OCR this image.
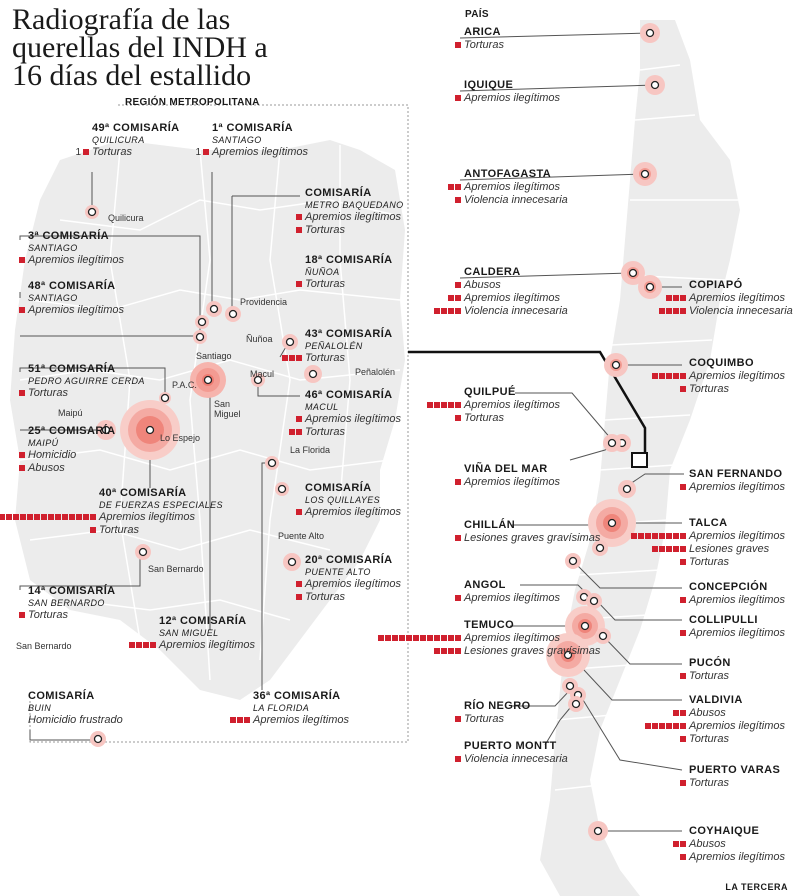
Radiografía de las
querellas del INDH a
16 días del estallido
REGIÓN METROPOLITANA
PAÍS
Quilicura
Providencia
Ñuñoa
Santiago
Macul	Peñalolén
P.A.C.
San Miguel
Maipú
Lo Espejo
La Florida
Puente Alto
San Bernardo
San Bernardo
49ª COMISARÍA
QUILICURA
1 Torturas
1ª COMISARÍA
SANTIAGO
1 Apremios ilegítimos
COMISARÍA
METRO BAQUEDANO
Apremios ilegítimos
Torturas
3ª COMISARÍA
SANTIAGO
Apremios ilegítimos	18ª COMISARÍA
ÑUÑOA
Torturas
48ª COMISARÍA
SANTIAGO
Apremios ilegítimos
43ª COMISARÍA
PEÑALOLÉN
Torturas
51ª COMISARÍA
PEDRO AGUIRRE CERDA
Torturas	46ª COMISARÍA
MACUL
Apremios ilegítimos
Torturas
25ª COMISARÍA
MAIPÚ
Homicidio
Abusos
COMISARÍA
LOS QUILLAYES
Apremios ilegítimos
40ª COMISARÍA
DE FUERZAS ESPECIALES
Apremios ilegítimos
Torturas
20ª COMISARÍA
PUENTE ALTO
Apremios ilegítimos
Torturas
14ª COMISARÍA
SAN BERNARDO
Torturas	12ª COMISARÍA
SAN MIGUEL
Apremios ilegítimos
COMISARÍA
BUIN
Homicidio frustrado
36ª COMISARÍA
LA FLORIDA
Apremios ilegítimos
ARICA
Torturas
IQUIQUE
Apremios ilegítimos
ANTOFAGASTA
Apremios ilegítimos
Violencia innecesaria
CALDERA
Abusos
Apremios ilegítimos
Violencia innecesaria
COPIAPÓ
Apremios ilegítimos
Violencia innecesaria
COQUIMBO
Apremios ilegítimos
Torturas
QUILPUÉ
Apremios ilegítimos
Torturas
VIÑA DEL MAR
Apremios ilegítimos
SAN FERNANDO
Apremios ilegítimos
TALCA
Apremios ilegítimos
Lesiones graves
Torturas
CHILLÁN
Lesiones graves gravísimas
CONCEPCIÓN
Apremios ilegítimos
ANGOL
Apremios ilegítimos
COLLIPULLI
Apremios ilegítimos
TEMUCO
Apremios ilegítimos
Lesiones graves gravísimas
PUCÓN
Torturas
VALDIVIA
Abusos
Apremios ilegítimos
Torturas
RÍO NEGRO
Torturas
PUERTO MONTT
Violencia innecesaria
PUERTO VARAS
Torturas
COYHAIQUE
Abusos
Apremios ilegítimos
LA TERCERA
